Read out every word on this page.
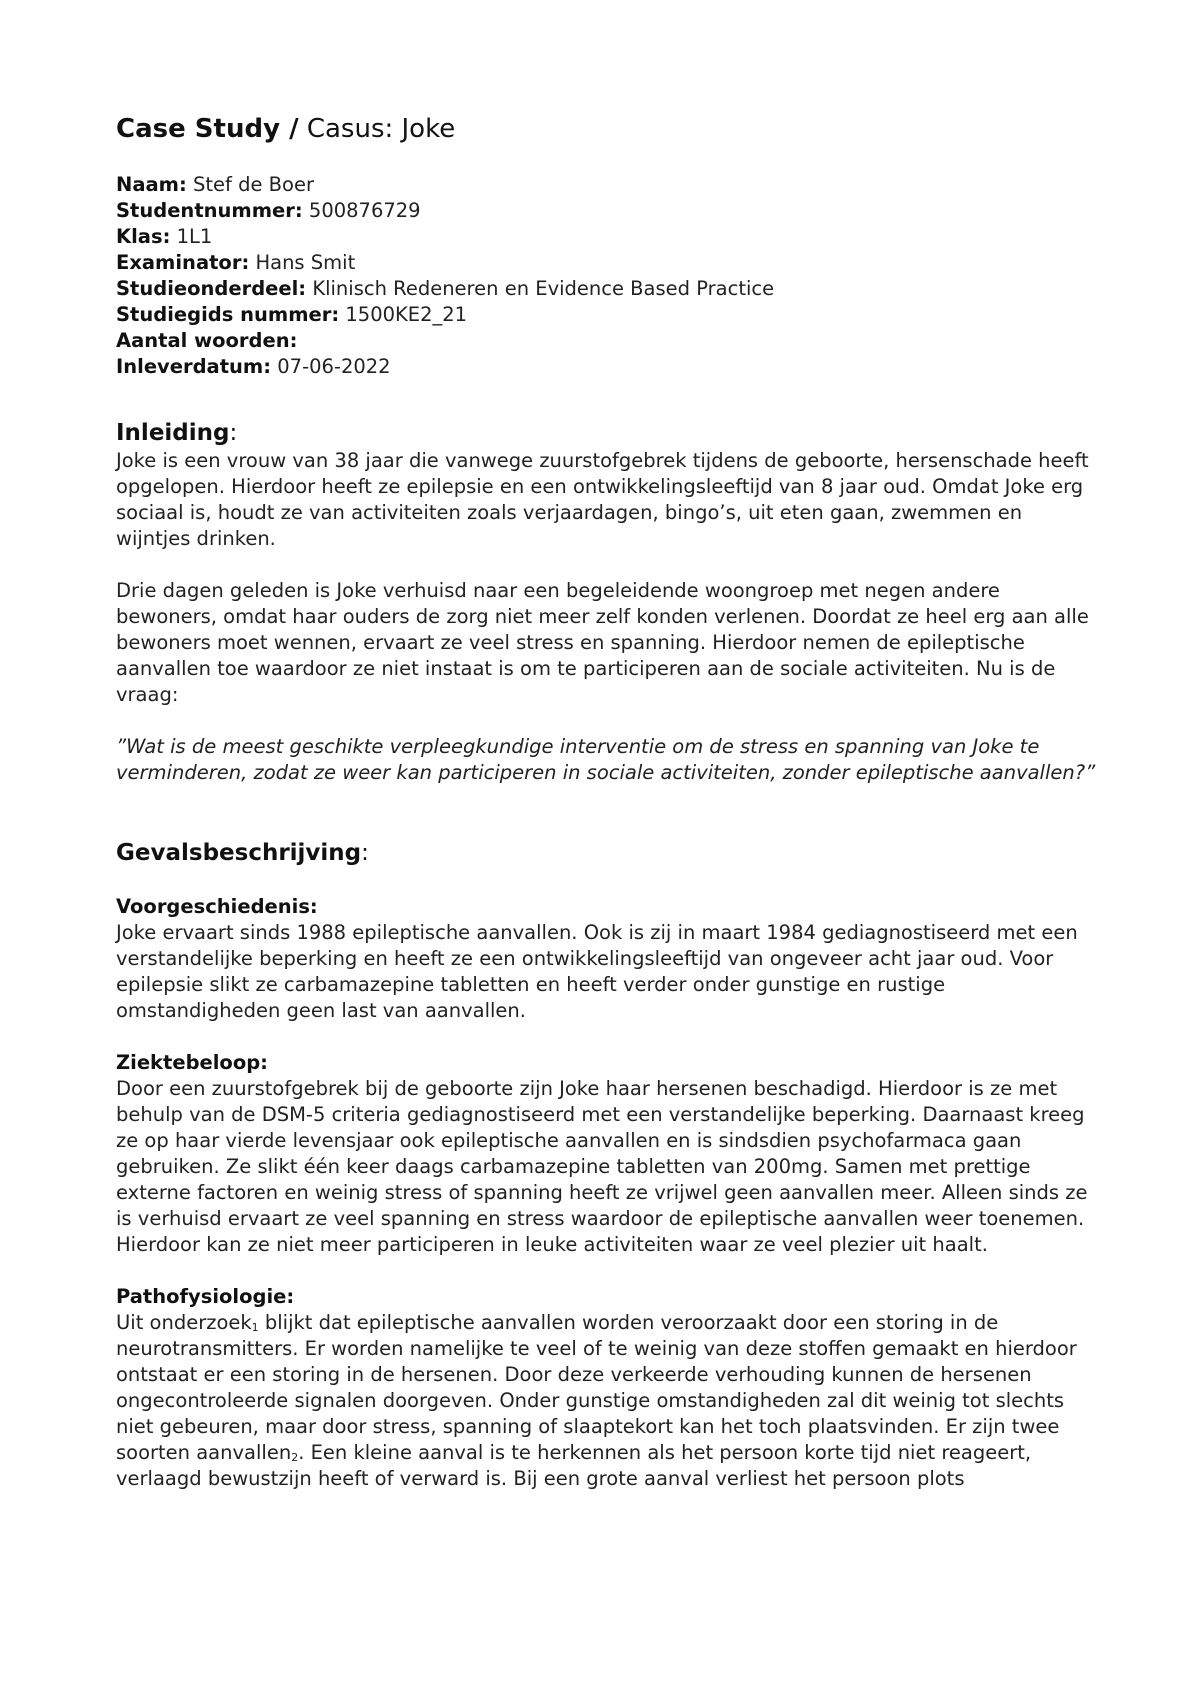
Case Study / Casus: Joke

Naam: Stef de Boer

Studentnummer: 500876729

Klas: 1L1

Examinator: Hans Smit

Studieonderdeel: Klinisch Redeneren en Evidence Based Practice

Studiegids nummer: 1500KE2_21

Aantal woorden:

Inleverdatum: 07-06-2022

Inleiding:

Joke is een vrouw van 38 jaar die vanwege zuurstofgebrek tijdens de geboorte, hersenschade heeft opgelopen. Hierdoor heeft ze epilepsie en een ontwikkelingsleeftijd van 8 jaar oud. Omdat Joke erg sociaal is, houdt ze van activiteiten zoals verjaardagen, bingo’s, uit eten gaan, zwemmen en wijntjes drinken.

Drie dagen geleden is Joke verhuisd naar een begeleidende woongroep met negen andere bewoners, omdat haar ouders de zorg niet meer zelf konden verlenen. Doordat ze heel erg aan alle bewoners moet wennen, ervaart ze veel stress en spanning. Hierdoor nemen de epileptische aanvallen toe waardoor ze niet instaat is om te participeren aan de sociale activiteiten. Nu is de vraag:

”Wat is de meest geschikte verpleegkundige interventie om de stress en spanning van Joke te verminderen, zodat ze weer kan participeren in sociale activiteiten, zonder epileptische aanvallen?”

Gevalsbeschrijving:

Voorgeschiedenis:

Joke ervaart sinds 1988 epileptische aanvallen. Ook is zij in maart 1984 gediagnostiseerd met een verstandelijke beperking en heeft ze een ontwikkelingsleeftijd van ongeveer acht jaar oud. Voor epilepsie slikt ze carbamazepine tabletten en heeft verder onder gunstige en rustige omstandigheden geen last van aanvallen.

Ziektebeloop:

Door een zuurstofgebrek bij de geboorte zijn Joke haar hersenen beschadigd. Hierdoor is ze met behulp van de DSM-5 criteria gediagnostiseerd met een verstandelijke beperking. Daarnaast kreeg ze op haar vierde levensjaar ook epileptische aanvallen en is sindsdien psychofarmaca gaan gebruiken. Ze slikt één keer daags carbamazepine tabletten van 200mg. Samen met prettige externe factoren en weinig stress of spanning heeft ze vrijwel geen aanvallen meer. Alleen sinds ze is verhuisd ervaart ze veel spanning en stress waardoor de epileptische aanvallen weer toenemen. Hierdoor kan ze niet meer participeren in leuke activiteiten waar ze veel plezier uit haalt.

Pathofysiologie:

Uit onderzoek$_1$ blijkt dat epileptische aanvallen worden veroorzaakt door een storing in de neurotransmitters. Er worden namelijke te veel of te weinig van deze stoffen gemaakt en hierdoor ontstaat er een storing in de hersenen. Door deze verkeerde verhouding kunnen de hersenen ongecontroleerde signalen doorgeven. Onder gunstige omstandigheden zal dit weinig tot slechts niet gebeuren, maar door stress, spanning of slaaptekort kan het toch plaatsvinden. Er zijn twee soorten aanvallen$_2$. Een kleine aanval is te herkennen als het persoon korte tijd niet reageert, verlaagd bewustzijn heeft of verward is. Bij een grote aanval verliest het persoon plots
